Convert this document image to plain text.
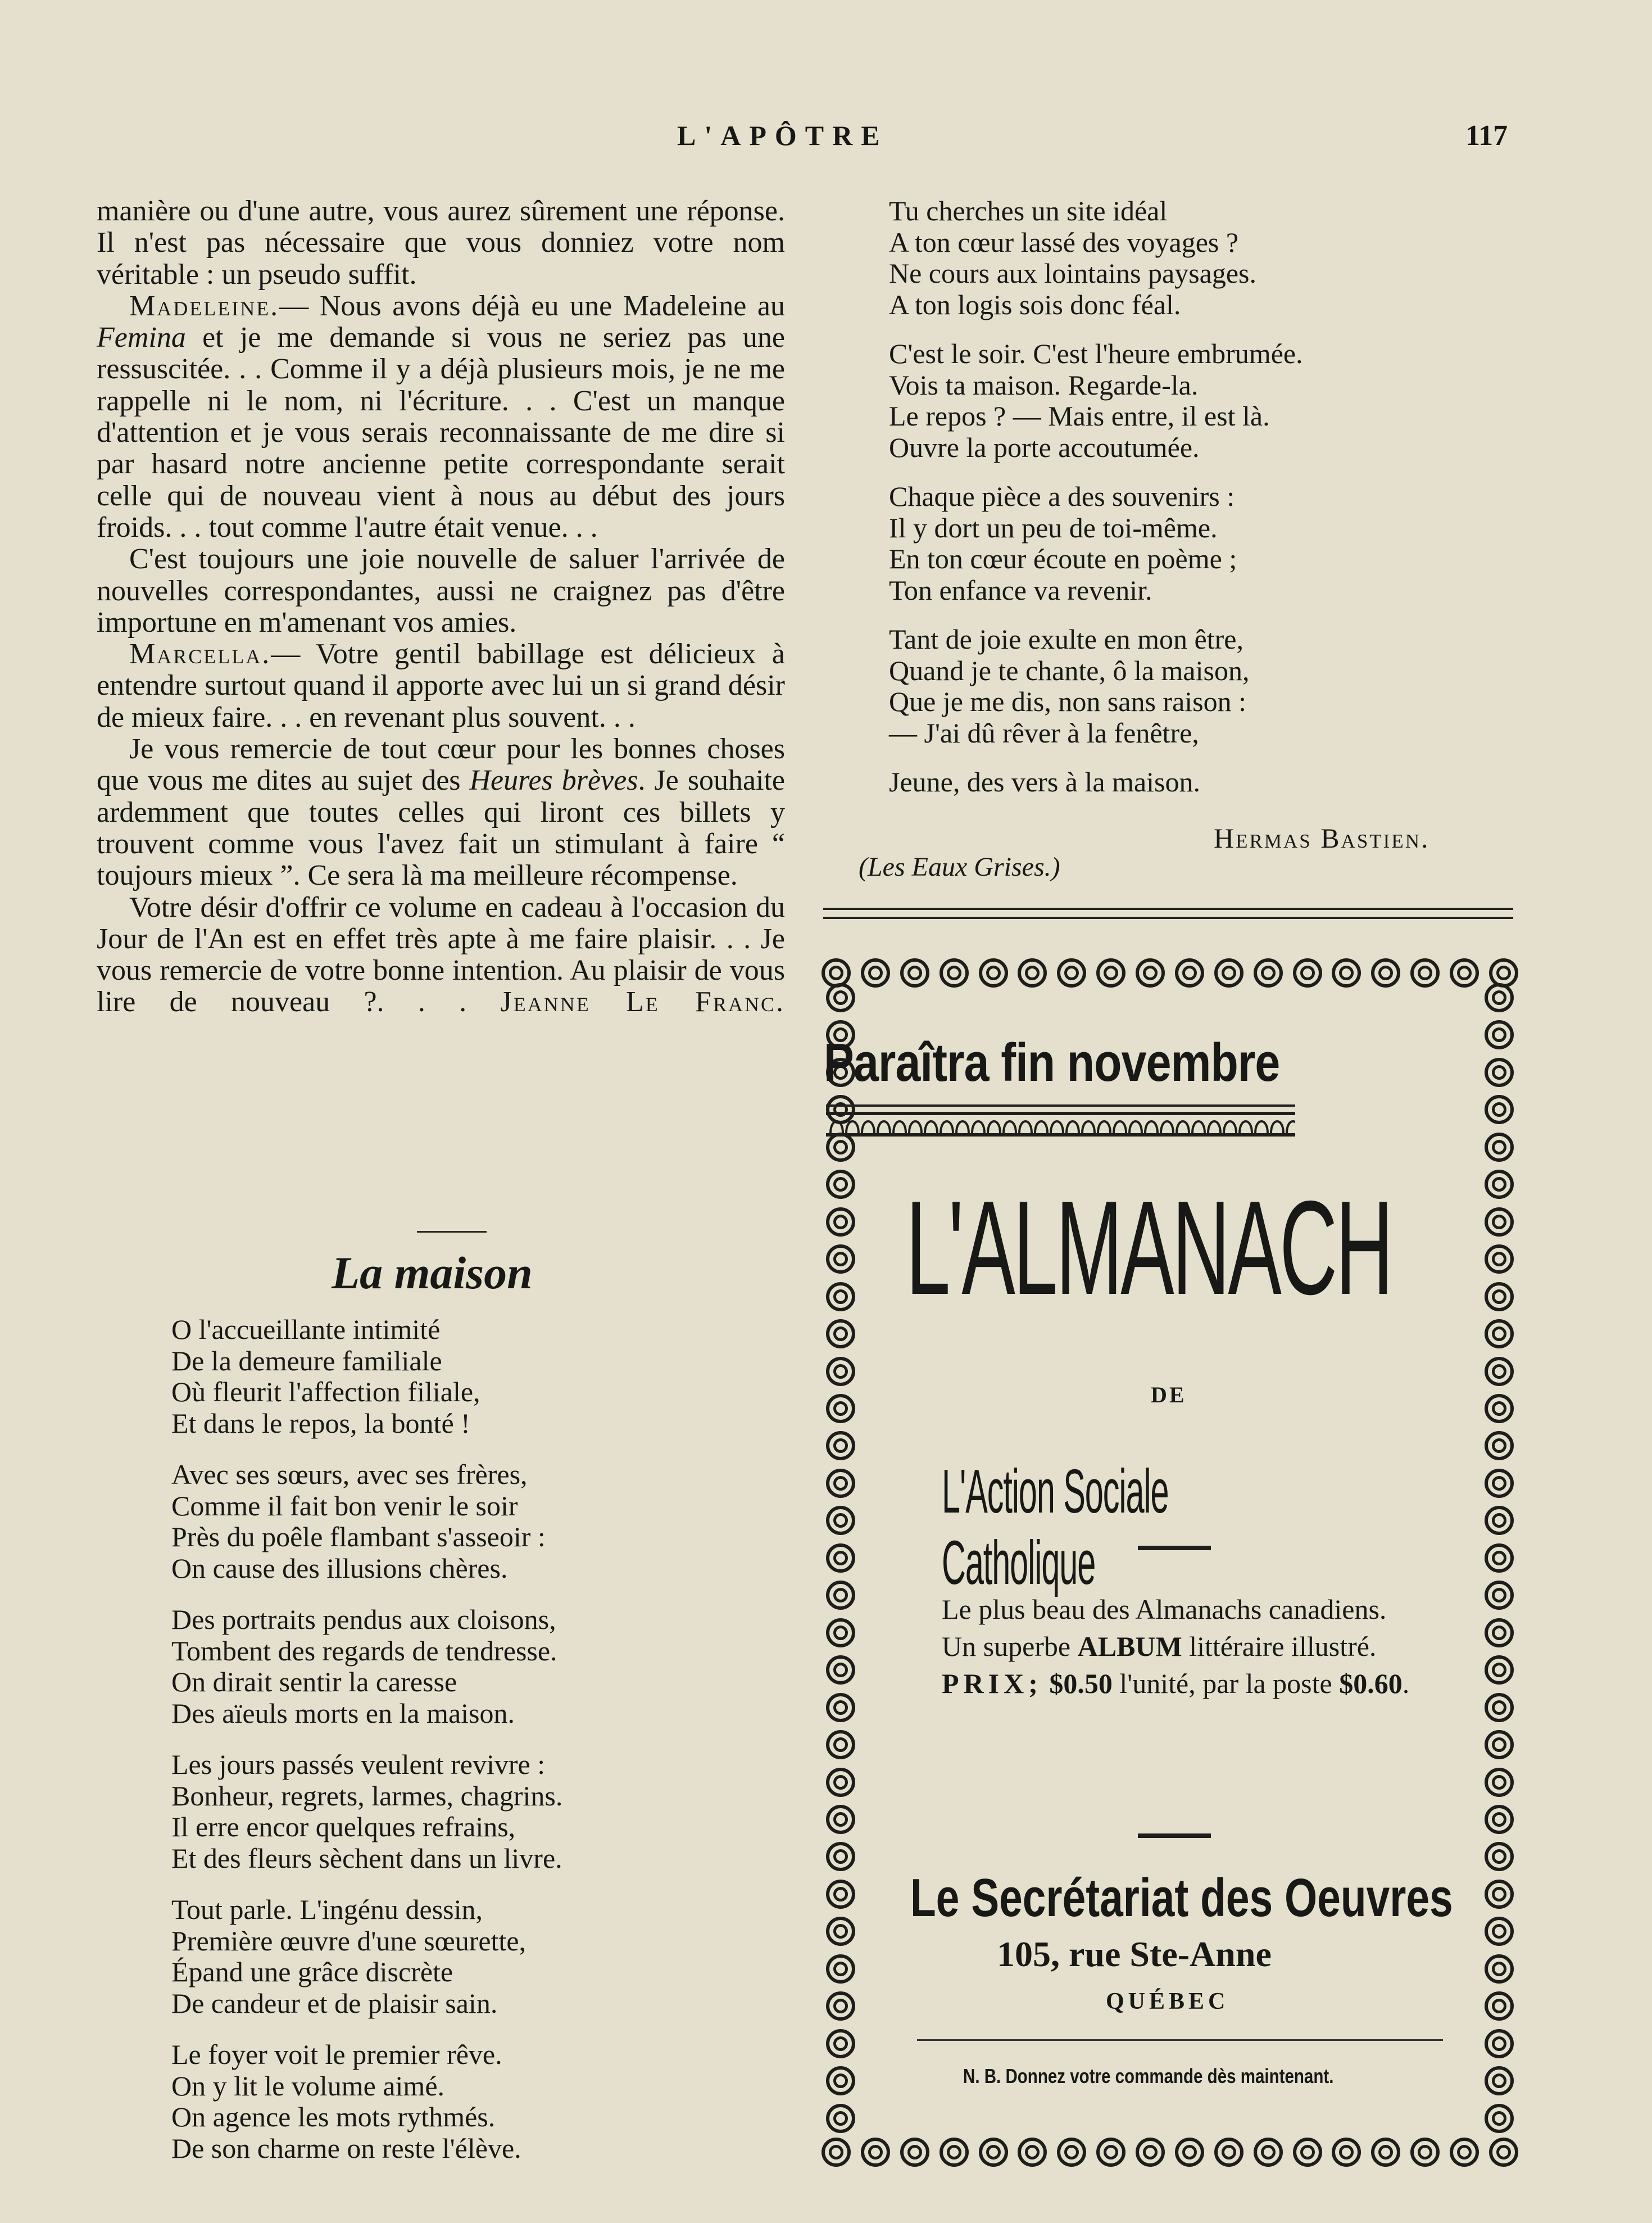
L'APÔTRE	117

manière ou d'une autre, vous aurez sûrement une réponse. Il n'est pas nécessaire que vous donniez votre nom véritable : un pseudo suffit.

Madeleine.— Nous avons déjà eu une Madeleine au Femina et je me demande si vous ne seriez pas une ressuscitée. . . Comme il y a déjà plusieurs mois, je ne me rappelle ni le nom, ni l'écriture. . . C'est un manque d'attention et je vous serais reconnaissante de me dire si par hasard notre ancienne petite correspondante serait celle qui de nouveau vient à nous au début des jours froids. . . tout comme l'autre était venue. . .

C'est toujours une joie nouvelle de saluer l'arrivée de nouvelles correspondantes, aussi ne craignez pas d'être importune en m'amenant vos amies.

Marcella.— Votre gentil babillage est délicieux à entendre surtout quand il apporte avec lui un si grand désir de mieux faire. . . en revenant plus souvent. . .

Je vous remercie de tout cœur pour les bonnes choses que vous me dites au sujet des Heures brèves. Je souhaite ardemment que toutes celles qui liront ces billets y trouvent comme vous l'avez fait un stimulant à faire “ toujours mieux ”. Ce sera là ma meilleure récompense.

Votre désir d'offrir ce volume en cadeau à l'occasion du Jour de l'An est en effet très apte à me faire plaisir. . . Je vous remercie de votre bonne intention. Au plaisir de vous lire de nouveau ?. . . Jeanne Le Franc.

La maison
O l'accueillante intimité
De la demeure familiale
Où fleurit l'affection filiale,
Et dans le repos, la bonté !
Avec ses sœurs, avec ses frères,
Comme il fait bon venir le soir
Près du poêle flambant s'asseoir :
On cause des illusions chères.
Des portraits pendus aux cloisons,
Tombent des regards de tendresse.
On dirait sentir la caresse
Des aïeuls morts en la maison.
Les jours passés veulent revivre :
Bonheur, regrets, larmes, chagrins.
Il erre encor quelques refrains,
Et des fleurs sèchent dans un livre.
Tout parle. L'ingénu dessin,
Première œuvre d'une sœurette,
Épand une grâce discrète
De candeur et de plaisir sain.
Le foyer voit le premier rêve.
On y lit le volume aimé.
On agence les mots rythmés.
De son charme on reste l'élève.
Tu cherches un site idéal
A ton cœur lassé des voyages ?
Ne cours aux lointains paysages.
A ton logis sois donc féal.
C'est le soir. C'est l'heure embrumée.
Vois ta maison. Regarde-la.
Le repos ? — Mais entre, il est là.
Ouvre la porte accoutumée.
Chaque pièce a des souvenirs :
Il y dort un peu de toi-même.
En ton cœur écoute en poème ;
Ton enfance va revenir.
Tant de joie exulte en mon être,
Quand je te chante, ô la maison,
Que je me dis, non sans raison :
— J'ai dû rêver à la fenêtre,
Jeune, des vers à la maison.
Hermas Bastien.
(Les Eaux Grises.)
Paraîtra fin novembre
L'ALMANACH
DE
L'Action Sociale Catholique

Le plus beau des Almanachs canadiens.

Un superbe ALBUM littéraire illustré.

PRIX; $0.50 l'unité, par la poste $0.60.

Le Secrétariat des Oeuvres
105, rue Ste-Anne
QUÉBEC
N. B. Donnez votre commande dès maintenant.
